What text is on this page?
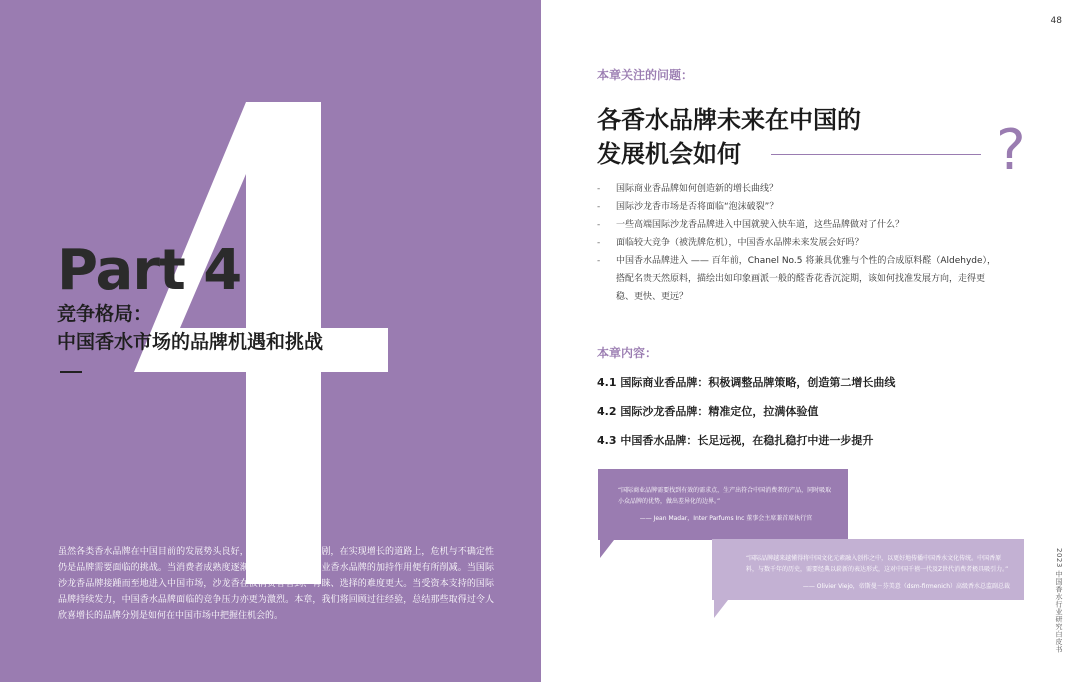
Part 4
竞争格局：
中国香水市场的品牌机遇和挑战

虽然各类香水品牌在中国目前的发展势头良好，但市场竞争持续加剧，在实现增长的道路上，危机与不确定性仍是品牌需要面临的挑战。当消费者成熟度逐渐变得更高，国际商业香水品牌的加持作用便有所削减。当国际沙龙香品牌接踵而至地进入中国市场，沙龙香在被消费者看到、青睐、选择的难度更大。当受资本支持的国际品牌持续发力，中国香水品牌面临的竞争压力亦更为激烈。本章，我们将回顾过往经验，总结那些取得过令人欣喜增长的品牌分别是如何在中国市场中把握住机会的。

48
2023 中国香水行业研究白皮书
本章关注的问题：
各香水品牌未来在中国的
发展机会如何	?
- 国际商业香品牌如何创造新的增长曲线？
- 国际沙龙香市场是否将面临“泡沫破裂”？
- 一些高端国际沙龙香品牌进入中国就驶入快车道，这些品牌做对了什么？
- 面临较大竞争（被洗牌危机），中国香水品牌未来发展会好吗？
- 中国香水品牌进入 —— 百年前，Chanel No.5 将兼具优雅与个性的合成原料醛（Aldehyde），搭配名贵天然原料，描绘出如印象画派一般的醛香花香沉淀期，该如何找准发展方向，走得更稳、更快、更远？
本章内容：
4.1 国际商业香品牌：积极调整品牌策略，创造第二增长曲线
4.2 国际沙龙香品牌：精准定位，拉满体验值
4.3 中国香水品牌：长足远视，在稳扎稳打中进一步提升
“国际商业品牌需要找到有效的需求点，生产出符合中国消费者的产品，同时吸取小众品牌的优势，做出差异化的边界。”
—— Jean Madar，Inter Parfums Inc 董事会主席兼首席执行官
“国际品牌越来越懂得将中国文化元素融入创作之中，以更好地传播中国香水文化传统。中国香原料，与数千年的历史，需要经典以崭新的表达形式，这对中国千禧一代及Z世代消费者极具吸引力。”
—— Olivier Viejo，帝斯曼－芬美意（dsm-firmenich）高级香水总监副总裁
